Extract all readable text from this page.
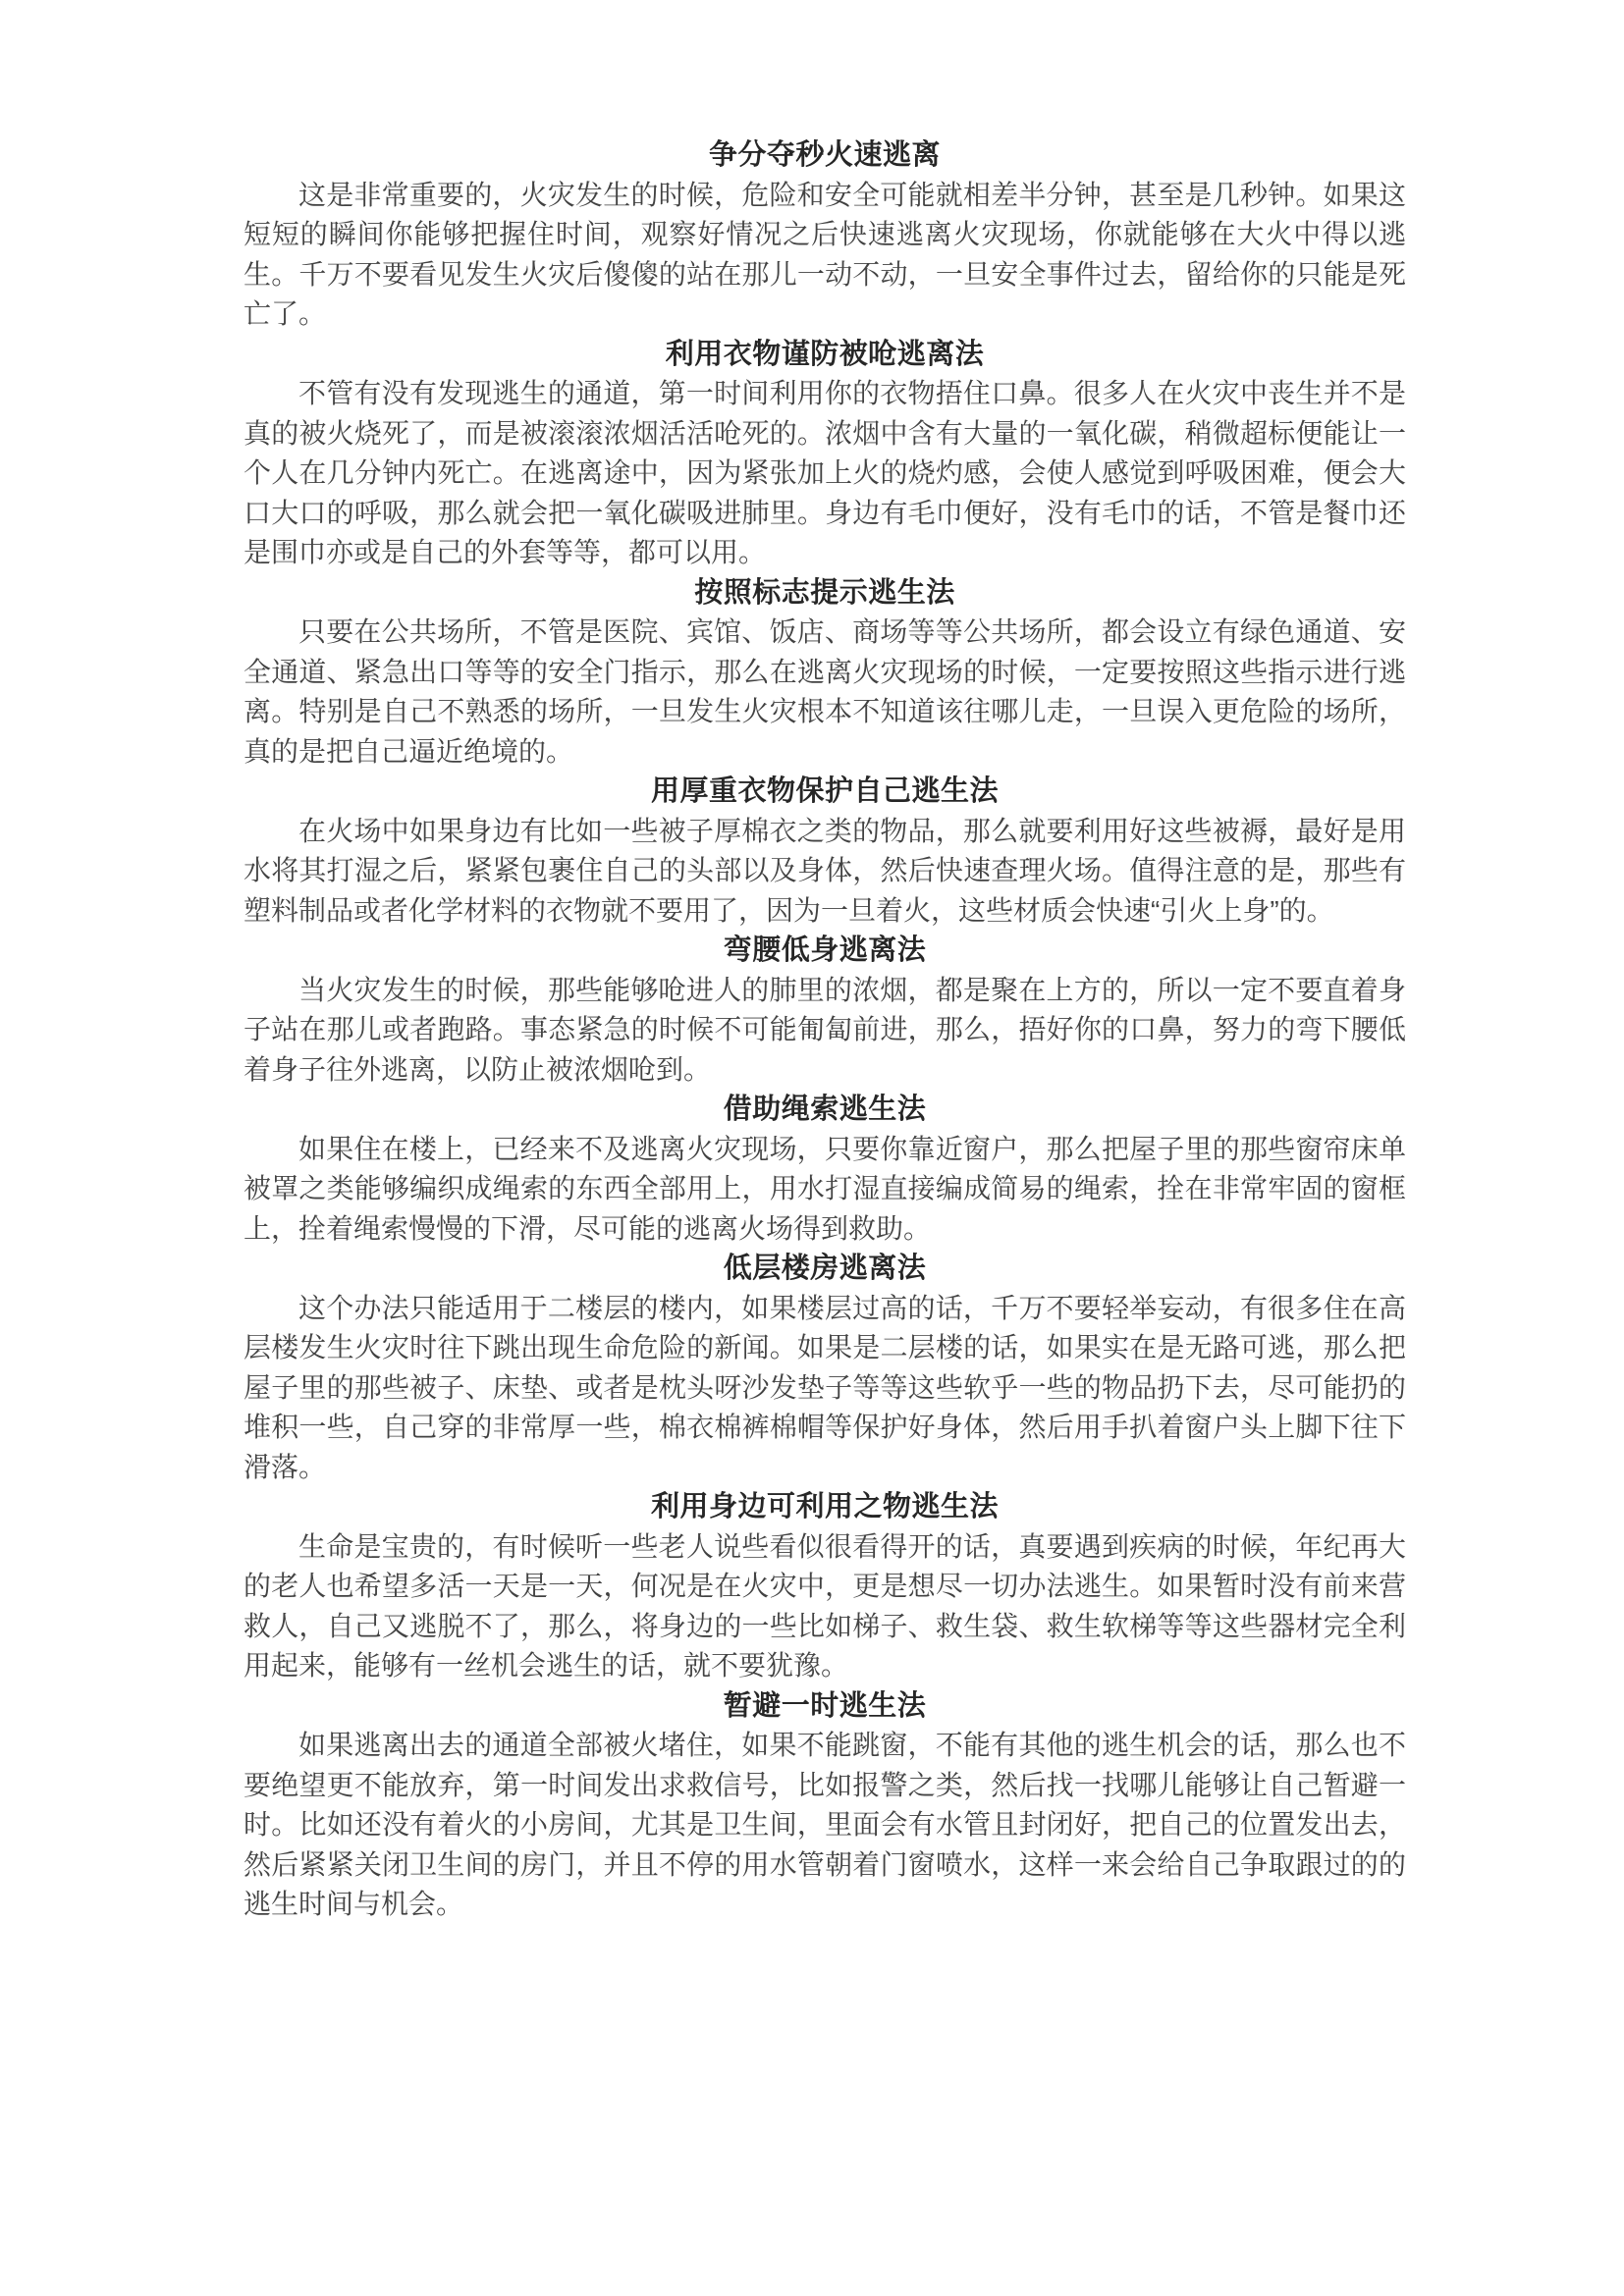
争分夺秒火速逃离

这是非常重要的，火灾发生的时候，危险和安全可能就相差半分钟，甚至是几秒钟。如果这短短的瞬间你能够把握住时间，观察好情况之后快速逃离火灾现场，你就能够在大火中得以逃生。千万不要看见发生火灾后傻傻的站在那儿一动不动，一旦安全事件过去，留给你的只能是死亡了。

利用衣物谨防被呛逃离法

不管有没有发现逃生的通道，第一时间利用你的衣物捂住口鼻。很多人在火灾中丧生并不是真的被火烧死了，而是被滚滚浓烟活活呛死的。浓烟中含有大量的一氧化碳，稍微超标便能让一个人在几分钟内死亡。在逃离途中，因为紧张加上火的烧灼感，会使人感觉到呼吸困难，便会大口大口的呼吸，那么就会把一氧化碳吸进肺里。身边有毛巾便好，没有毛巾的话，不管是餐巾还是围巾亦或是自己的外套等等，都可以用。

按照标志提示逃生法

只要在公共场所，不管是医院、宾馆、饭店、商场等等公共场所，都会设立有绿色通道、安全通道、紧急出口等等的安全门指示，那么在逃离火灾现场的时候，一定要按照这些指示进行逃离。特别是自己不熟悉的场所，一旦发生火灾根本不知道该往哪儿走，一旦误入更危险的场所，真的是把自己逼近绝境的。

用厚重衣物保护自己逃生法

在火场中如果身边有比如一些被子厚棉衣之类的物品，那么就要利用好这些被褥，最好是用水将其打湿之后，紧紧包裹住自己的头部以及身体，然后快速查理火场。值得注意的是，那些有塑料制品或者化学材料的衣物就不要用了，因为一旦着火，这些材质会快速“引火上身”的。

弯腰低身逃离法

当火灾发生的时候，那些能够呛进人的肺里的浓烟，都是聚在上方的，所以一定不要直着身子站在那儿或者跑路。事态紧急的时候不可能匍匐前进，那么，捂好你的口鼻，努力的弯下腰低着身子往外逃离，以防止被浓烟呛到。

借助绳索逃生法

如果住在楼上，已经来不及逃离火灾现场，只要你靠近窗户，那么把屋子里的那些窗帘床单被罩之类能够编织成绳索的东西全部用上，用水打湿直接编成简易的绳索，拴在非常牢固的窗框上，拴着绳索慢慢的下滑，尽可能的逃离火场得到救助。

低层楼房逃离法

这个办法只能适用于二楼层的楼内，如果楼层过高的话，千万不要轻举妄动，有很多住在高层楼发生火灾时往下跳出现生命危险的新闻。如果是二层楼的话，如果实在是无路可逃，那么把屋子里的那些被子、床垫、或者是枕头呀沙发垫子等等这些软乎一些的物品扔下去，尽可能扔的堆积一些，自己穿的非常厚一些，棉衣棉裤棉帽等保护好身体，然后用手扒着窗户头上脚下往下滑落。

利用身边可利用之物逃生法

生命是宝贵的，有时候听一些老人说些看似很看得开的话，真要遇到疾病的时候，年纪再大的老人也希望多活一天是一天，何况是在火灾中，更是想尽一切办法逃生。如果暂时没有前来营救人，自己又逃脱不了，那么，将身边的一些比如梯子、救生袋、救生软梯等等这些器材完全利用起来，能够有一丝机会逃生的话，就不要犹豫。

暂避一时逃生法

如果逃离出去的通道全部被火堵住，如果不能跳窗，不能有其他的逃生机会的话，那么也不要绝望更不能放弃，第一时间发出求救信号，比如报警之类，然后找一找哪儿能够让自己暂避一时。比如还没有着火的小房间，尤其是卫生间，里面会有水管且封闭好，把自己的位置发出去，然后紧紧关闭卫生间的房门，并且不停的用水管朝着门窗喷水，这样一来会给自己争取跟过的的逃生时间与机会。
